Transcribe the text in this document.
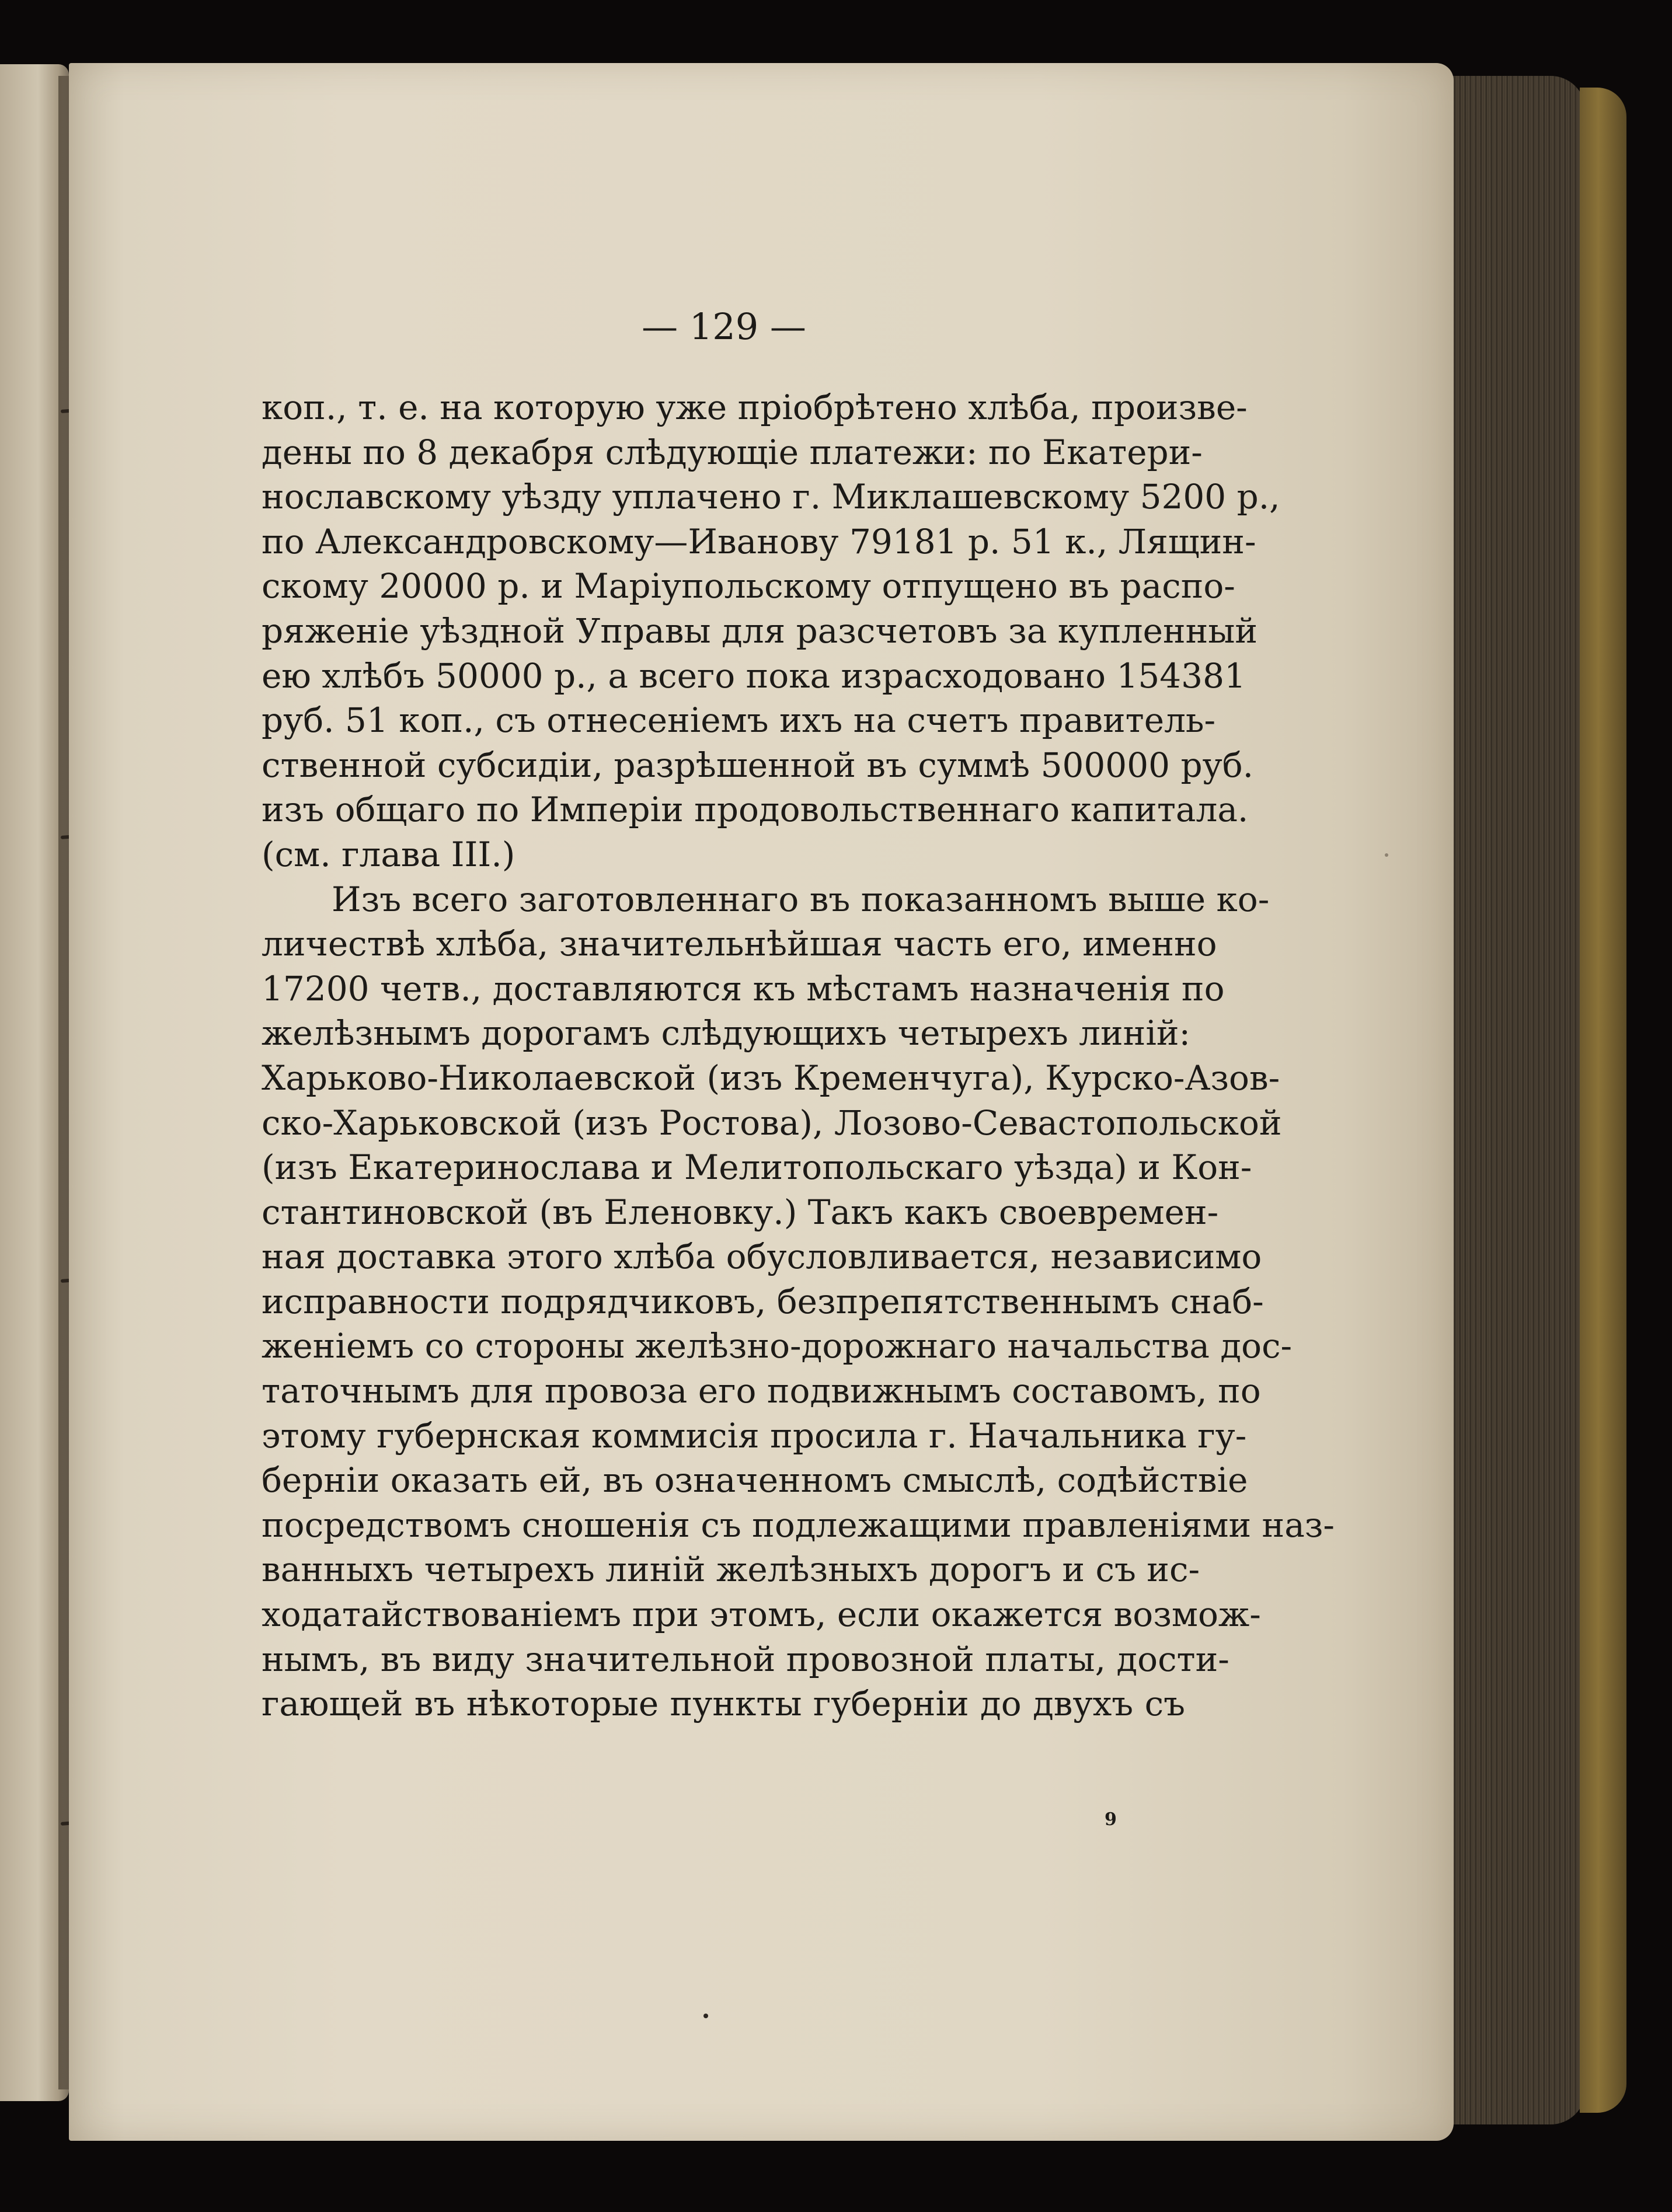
— 129 —
коп., т. е. на которую уже пріобрѣтено хлѣба, произве-
дены по 8 декабря слѣдующіе платежи: по Екатери-
нославскому уѣзду уплачено г. Миклашевскому 5200 р.,
по Александровскому—Иванову 79181 р. 51 к., Лящин-
скому 20000 р. и Маріупольскому отпущено въ распо-
ряженіе уѣздной Управы для разсчетовъ за купленный
ею хлѣбъ 50000 р., а всего пока израсходовано 154381
руб. 51 коп., съ отнесеніемъ ихъ на счетъ правитель-
ственной субсидіи, разрѣшенной въ суммѣ 500000 руб.
изъ общаго по Имперіи продовольственнаго капитала.
(см. глава III.)
Изъ всего заготовленнаго въ показанномъ выше ко-
личествѣ хлѣба, значительнѣйшая часть его, именно
17200 четв., доставляются къ мѣстамъ назначенія по
желѣзнымъ дорогамъ слѣдующихъ четырехъ линій:
Харьково-Николаевской (изъ Кременчуга), Курско-Азов-
ско-Харьковской (изъ Ростова), Лозово-Севастопольской
(изъ Екатеринослава и Мелитопольскаго уѣзда) и Кон-
стантиновской (въ Еленовку.) Такъ какъ своевремен-
ная доставка этого хлѣба обусловливается, независимо
исправности подрядчиковъ, безпрепятственнымъ снаб-
женіемъ со стороны желѣзно-дорожнаго начальства дос-
таточнымъ для провоза его подвижнымъ составомъ, по
этому губернская коммисія просила г. Начальника гу-
берніи оказать ей, въ означенномъ смыслѣ, содѣйствіе
посредствомъ сношенія съ подлежащими правленіями наз-
ванныхъ четырехъ линій желѣзныхъ дорогъ и съ ис-
ходатайствованіемъ при этомъ, если окажется возмож-
нымъ, въ виду значительной провозной платы, дости-
гающей въ нѣкоторые пункты губерніи до двухъ съ
9
